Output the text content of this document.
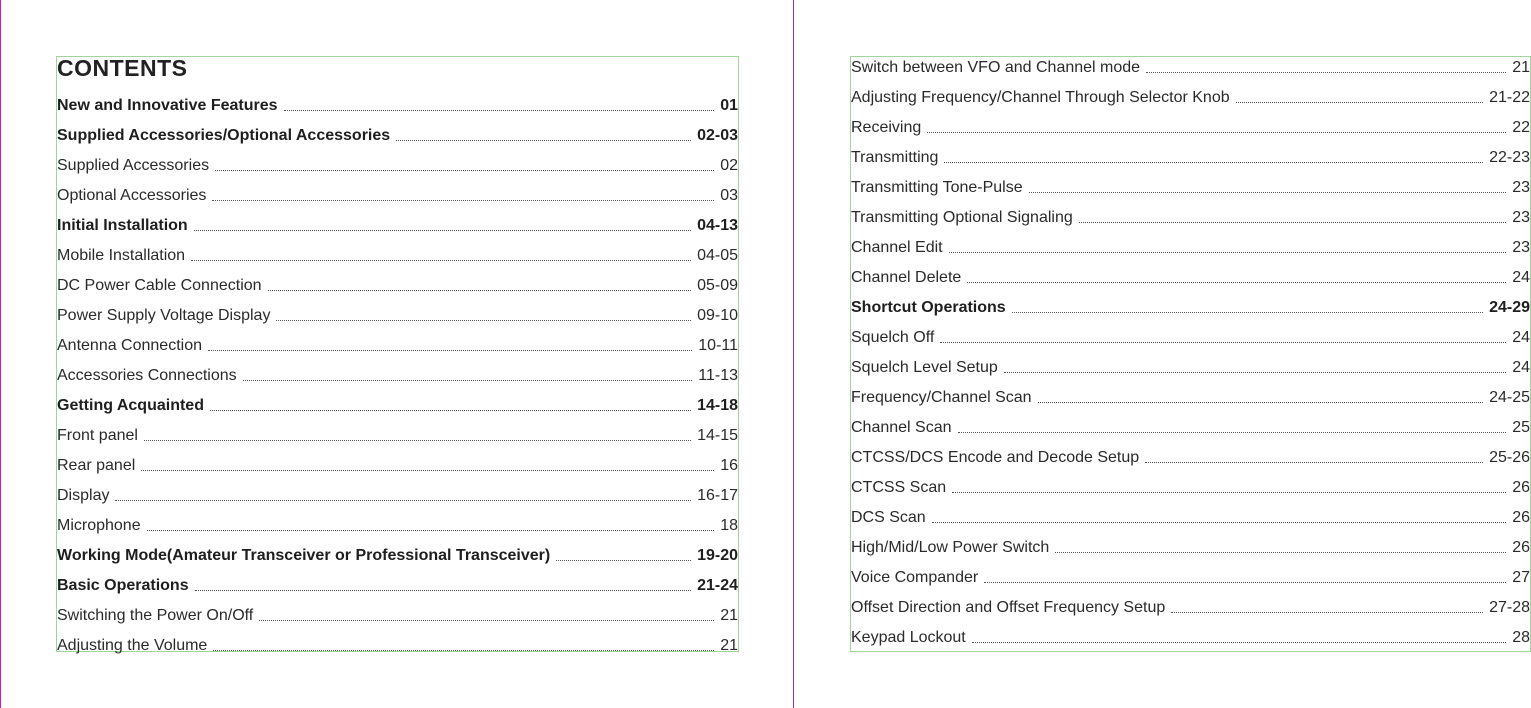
CONTENTS
New and Innovative Features	01
Supplied Accessories/Optional Accessories	02-03
Supplied Accessories	02
Optional Accessories	03
Initial Installation	04-13
Mobile Installation	04-05
DC Power Cable Connection	05-09
Power Supply Voltage Display	09-10
Antenna Connection	10-11
Accessories Connections	11-13
Getting Acquainted	14-18
Front panel	14-15
Rear panel	16
Display	16-17
Microphone	18
Working Mode(Amateur Transceiver or Professional Transceiver)	19-20
Basic Operations	21-24
Switching the Power On/Off	21
Adjusting the Volume	21
Switch between VFO and Channel mode	21
Adjusting Frequency/Channel Through Selector Knob	21-22
Receiving	22
Transmitting	22-23
Transmitting Tone-Pulse	23
Transmitting Optional Signaling	23
Channel Edit	23
Channel Delete	24
Shortcut Operations	24-29
Squelch Off	24
Squelch Level Setup	24
Frequency/Channel Scan	24-25
Channel Scan	25
CTCSS/DCS Encode and Decode Setup	25-26
CTCSS Scan	26
DCS Scan	26
High/Mid/Low Power Switch	26
Voice Compander	27
Offset Direction and Offset Frequency Setup	27-28
Keypad Lockout	28
